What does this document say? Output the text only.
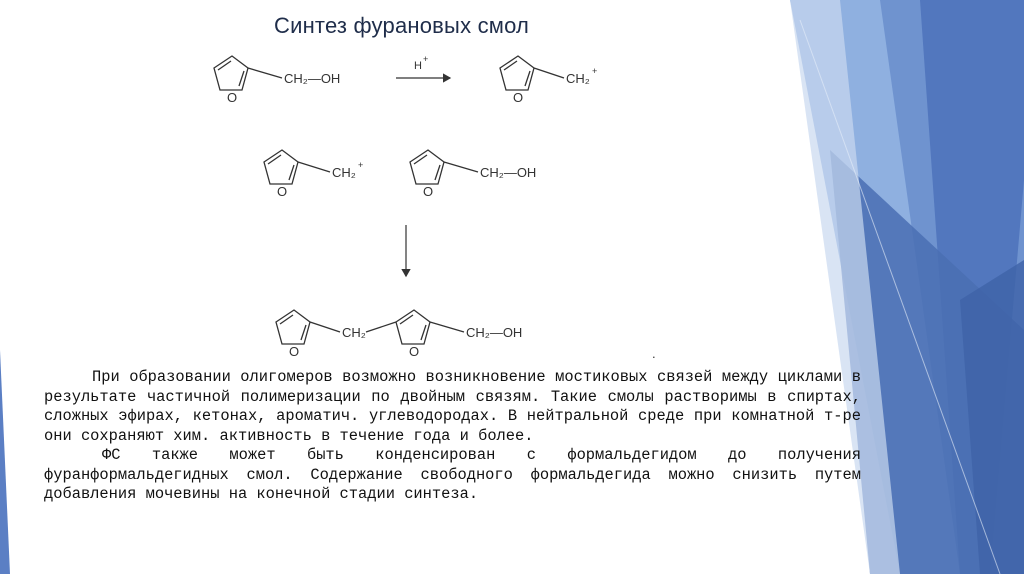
Синтез фурановых смол
O
CH₂—OH
H
+
O
CH₂ +
O
CH₂ +
O
CH₂—OH
O
CH₂
O
CH₂—OH
.

При образовании олигомеров возможно возникновение мостиковых связей между циклами в результате частичной полимеризации по двойным связям. Такие смолы растворимы в спиртах, сложных эфирах, кетонах, ароматич. углеводородах. В нейтральной среде при комнатной т-ре они сохраняют хим. активность в течение года и более.

ФС также может быть конденсирован с формальдегидом до получения фуранформальдегидных смол. Содержание свободного формальдегида можно снизить путем добавления мочевины на конечной стадии синтеза.
